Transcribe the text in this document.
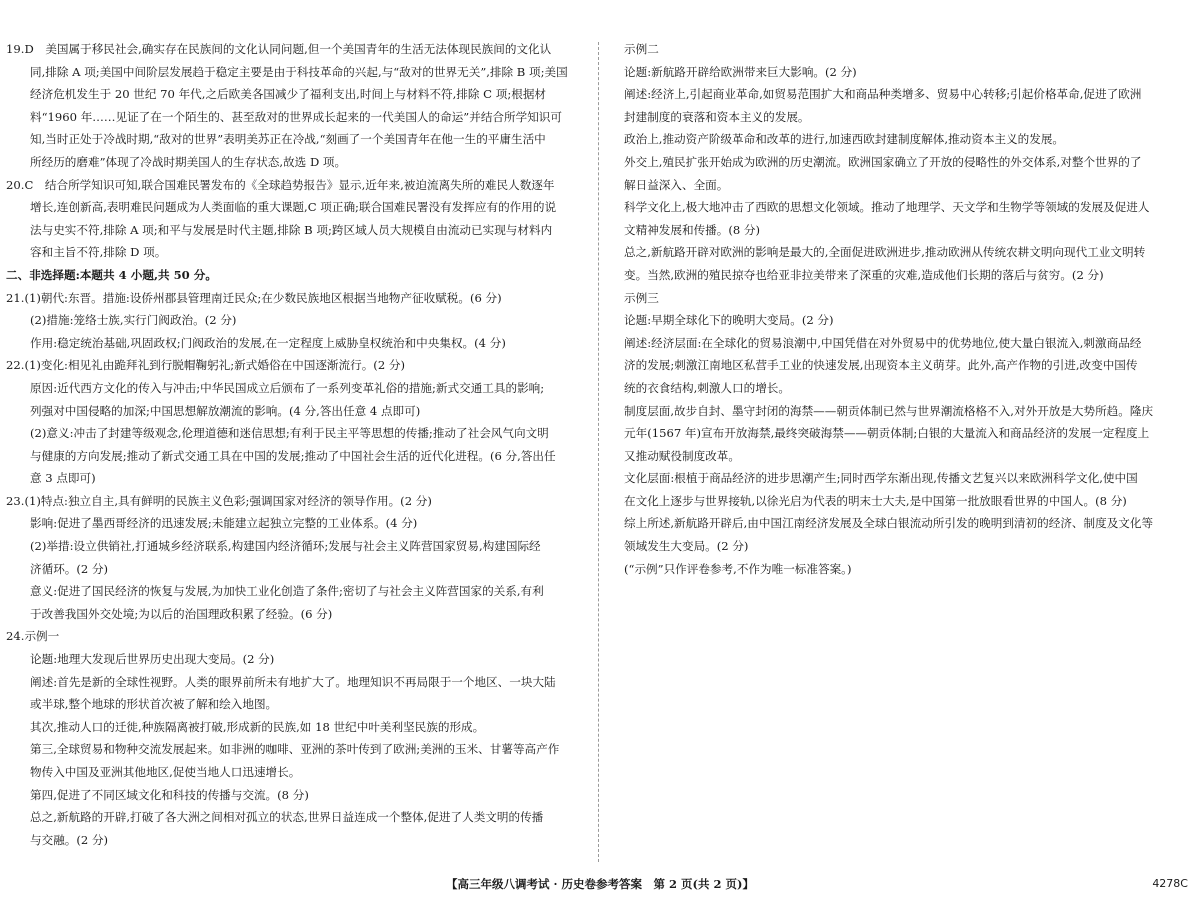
19.D　美国属于移民社会,确实存在民族间的文化认同问题,但一个美国青年的生活无法体现民族间的文化认
同,排除 A 项;美国中间阶层发展趋于稳定主要是由于科技革命的兴起,与“敌对的世界无关”,排除 B 项;美国
经济危机发生于 20 世纪 70 年代,之后欧美各国减少了福利支出,时间上与材料不符,排除 C 项;根据材
料“1960 年……见证了在一个陌生的、甚至敌对的世界成长起来的一代美国人的命运”并结合所学知识可
知,当时正处于冷战时期,“敌对的世界”表明美苏正在冷战,“刻画了一个美国青年在他一生的平庸生活中
所经历的磨难”体现了冷战时期美国人的生存状态,故选 D 项。
20.C　结合所学知识可知,联合国难民署发布的《全球趋势报告》显示,近年来,被迫流离失所的难民人数逐年
增长,连创新高,表明难民问题成为人类面临的重大课题,C 项正确;联合国难民署没有发挥应有的作用的说
法与史实不符,排除 A 项;和平与发展是时代主题,排除 B 项;跨区域人员大规模自由流动已实现与材料内
容和主旨不符,排除 D 项。
二、非选择题:本题共 4 小题,共 50 分。
21.(1)朝代:东晋。措施:设侨州郡县管理南迁民众;在少数民族地区根据当地物产征收赋税。(6 分)
(2)措施:笼络士族,实行门阀政治。(2 分)
作用:稳定统治基础,巩固政权;门阀政治的发展,在一定程度上威胁皇权统治和中央集权。(4 分)
22.(1)变化:相见礼由跪拜礼到行脱帽鞠躬礼;新式婚俗在中国逐渐流行。(2 分)
原因:近代西方文化的传入与冲击;中华民国成立后颁布了一系列变革礼俗的措施;新式交通工具的影响;
列强对中国侵略的加深;中国思想解放潮流的影响。(4 分,答出任意 4 点即可)
(2)意义:冲击了封建等级观念,伦理道德和迷信思想;有利于民主平等思想的传播;推动了社会风气向文明
与健康的方向发展;推动了新式交通工具在中国的发展;推动了中国社会生活的近代化进程。(6 分,答出任
意 3 点即可)
23.(1)特点:独立自主,具有鲜明的民族主义色彩;强调国家对经济的领导作用。(2 分)
影响:促进了墨西哥经济的迅速发展;未能建立起独立完整的工业体系。(4 分)
(2)举措:设立供销社,打通城乡经济联系,构建国内经济循环;发展与社会主义阵营国家贸易,构建国际经
济循环。(2 分)
意义:促进了国民经济的恢复与发展,为加快工业化创造了条件;密切了与社会主义阵营国家的关系,有利
于改善我国外交处境;为以后的治国理政积累了经验。(6 分)
24.示例一
论题:地理大发现后世界历史出现大变局。(2 分)
阐述:首先是新的全球性视野。人类的眼界前所未有地扩大了。地理知识不再局限于一个地区、一块大陆
或半球,整个地球的形状首次被了解和绘入地图。
其次,推动人口的迁徙,种族隔离被打破,形成新的民族,如 18 世纪中叶美利坚民族的形成。
第三,全球贸易和物种交流发展起来。如非洲的咖啡、亚洲的茶叶传到了欧洲;美洲的玉米、甘薯等高产作
物传入中国及亚洲其他地区,促使当地人口迅速增长。
第四,促进了不同区域文化和科技的传播与交流。(8 分)
总之,新航路的开辟,打破了各大洲之间相对孤立的状态,世界日益连成一个整体,促进了人类文明的传播
与交融。(2 分)
示例二
论题:新航路开辟给欧洲带来巨大影响。(2 分)
阐述:经济上,引起商业革命,如贸易范围扩大和商品种类增多、贸易中心转移;引起价格革命,促进了欧洲
封建制度的衰落和资本主义的发展。
政治上,推动资产阶级革命和改革的进行,加速西欧封建制度解体,推动资本主义的发展。
外交上,殖民扩张开始成为欧洲的历史潮流。欧洲国家确立了开放的侵略性的外交体系,对整个世界的了
解日益深入、全面。
科学文化上,极大地冲击了西欧的思想文化领域。推动了地理学、天文学和生物学等领域的发展及促进人
文精神发展和传播。(8 分)
总之,新航路开辟对欧洲的影响是最大的,全面促进欧洲进步,推动欧洲从传统农耕文明向现代工业文明转
变。当然,欧洲的殖民掠夺也给亚非拉美带来了深重的灾难,造成他们长期的落后与贫穷。(2 分)
示例三
论题:早期全球化下的晚明大变局。(2 分)
阐述:经济层面:在全球化的贸易浪潮中,中国凭借在对外贸易中的优势地位,使大量白银流入,刺激商品经
济的发展;刺激江南地区私营手工业的快速发展,出现资本主义萌芽。此外,高产作物的引进,改变中国传
统的衣食结构,刺激人口的增长。
制度层面,故步自封、墨守封闭的海禁——朝贡体制已然与世界潮流格格不入,对外开放是大势所趋。隆庆
元年(1567 年)宣布开放海禁,最终突破海禁——朝贡体制;白银的大量流入和商品经济的发展一定程度上
又推动赋役制度改革。
文化层面:根植于商品经济的进步思潮产生;同时西学东渐出现,传播文艺复兴以来欧洲科学文化,使中国
在文化上逐步与世界接轨,以徐光启为代表的明末士大夫,是中国第一批放眼看世界的中国人。(8 分)
综上所述,新航路开辟后,由中国江南经济发展及全球白银流动所引发的晚明到清初的经济、制度及文化等
领域发生大变局。(2 分)
(“示例”只作评卷参考,不作为唯一标准答案。)
【高三年级八调考试 · 历史卷参考答案　第 2 页(共 2 页)】	4278C
